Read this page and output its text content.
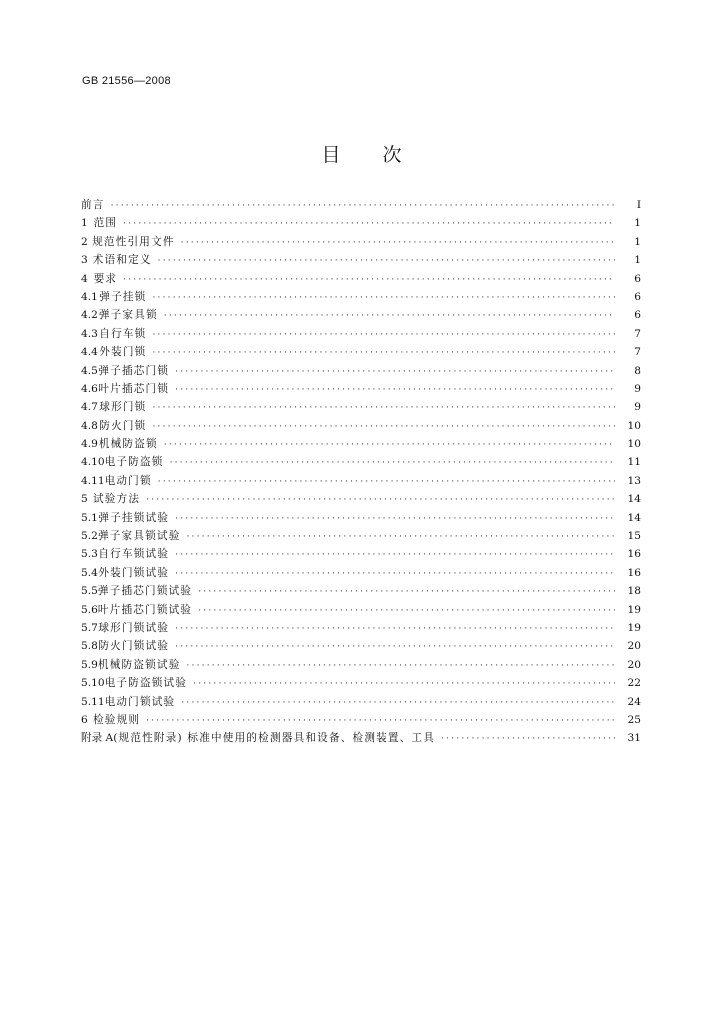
GB 21556—2008
目 次
前言 ·····	I
1 范围 ·····	1
2 规范性引用文件 ·····	1
3 术语和定义 ·····	1
4 要求 ·····	6
4.1 弹子挂锁 ·····	6
4.2 弹子家具锁 ·····	6
4.3 自行车锁 ·····	7
4.4 外装门锁 ·····	7
4.5 弹子插芯门锁 ·····	8
4.6 叶片插芯门锁 ·····	9
4.7 球形门锁 ·····	9
4.8 防火门锁 ·····	10
4.9 机械防盗锁 ·····	10
4.10 电子防盗锁 ·····	11
4.11 电动门锁 ·····	13
5 试验方法 ·····	14
5.1 弹子挂锁试验 ·····	14
5.2 弹子家具锁试验 ·····	15
5.3 自行车锁试验 ·····	16
5.4 外装门锁试验 ·····	16
5.5 弹子插芯门锁试验 ·····	18
5.6 叶片插芯门锁试验 ·····	19
5.7 球形门锁试验 ·····	19
5.8 防火门锁试验 ·····	20
5.9 机械防盗锁试验 ·····	20
5.10 电子防盗锁试验 ·····	22
5.11 电动门锁试验 ·····	24
6 检验规则 ·····	25
附录 A (规范性附录) 标准中使用的检测器具和设备、检测装置、工具 ·····	31
